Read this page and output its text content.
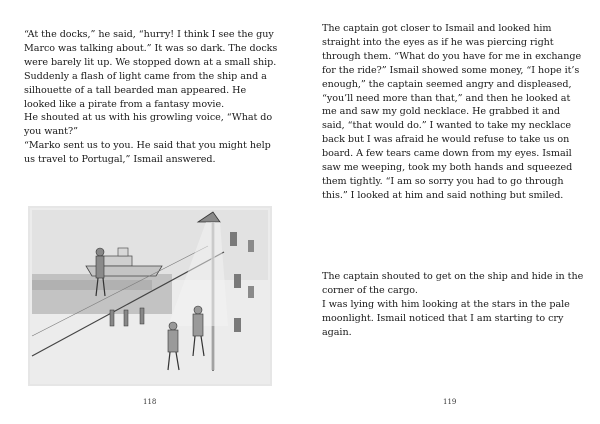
“At the docks,” he said, “hurry! I think I see the guy Marco was talking about.” It was so dark. The docks were barely lit up. We stopped down at a small ship. Suddenly a flash of light came from the ship and a silhouette of a tall bearded man appeared. He looked like a pirate from a fantasy movie.

He shouted at us with his growling voice, “What do you want?”

“Marko sent us to you. He said that you might help us travel to Portugal,” Ismail answered.

118

The captain got closer to Ismail and looked him straight into the eyes as if he was piercing right through them. “What do you have for me in exchange for the ride?” Ismail showed some money, “I hope it’s enough,” the captain seemed angry and displeased, “you’ll need more than that,” and then he looked at me and saw my gold necklace. He grabbed it and said, “that would do.” I wanted to take my necklace back but I was afraid he would refuse to take us on board. A few tears came down from my eyes. Ismail saw me weeping, took my both hands and squeezed them tightly. “I am so sorry you had to go through this.” I looked at him and said nothing but smiled.

The captain shouted to get on the ship and hide in the corner of the cargo.

I was lying with him looking at the stars in the pale moonlight. Ismail noticed that I am starting to cry again.

119
